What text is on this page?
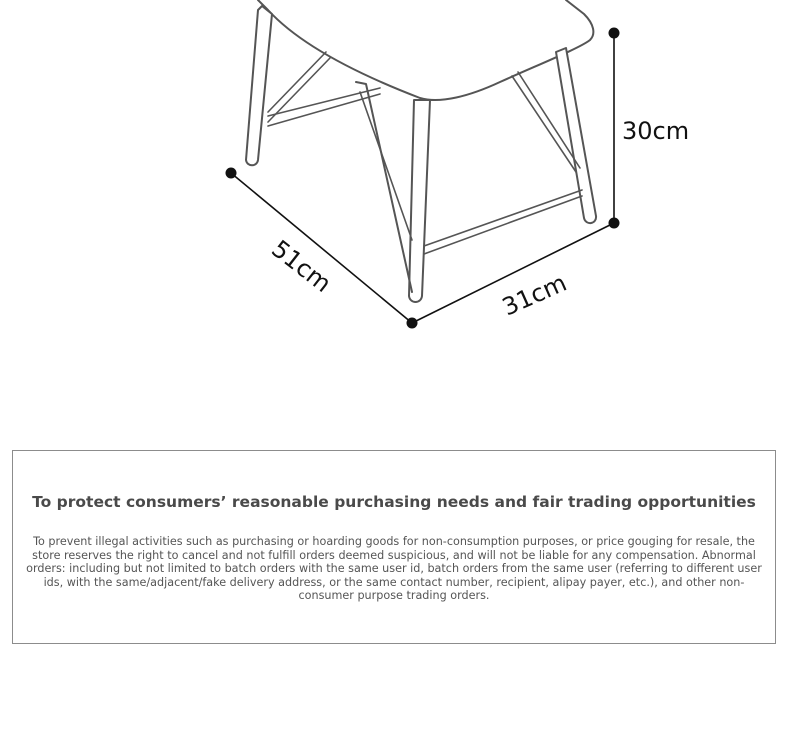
30cm
51cm	31cm

To protect consumers’ reasonable purchasing needs and fair trading opportunities

To prevent illegal activities such as purchasing or hoarding goods for non-consumption purposes, or price gouging for resale, the store reserves the right to cancel and not fulfill orders deemed suspicious, and will not be liable for any compensation. Abnormal orders: including but not limited to batch orders with the same user id, batch orders from the same user (referring to different user ids, with the same/adjacent/fake delivery address, or the same contact number, recipient, alipay payer, etc.), and other non-consumer purpose trading orders.
